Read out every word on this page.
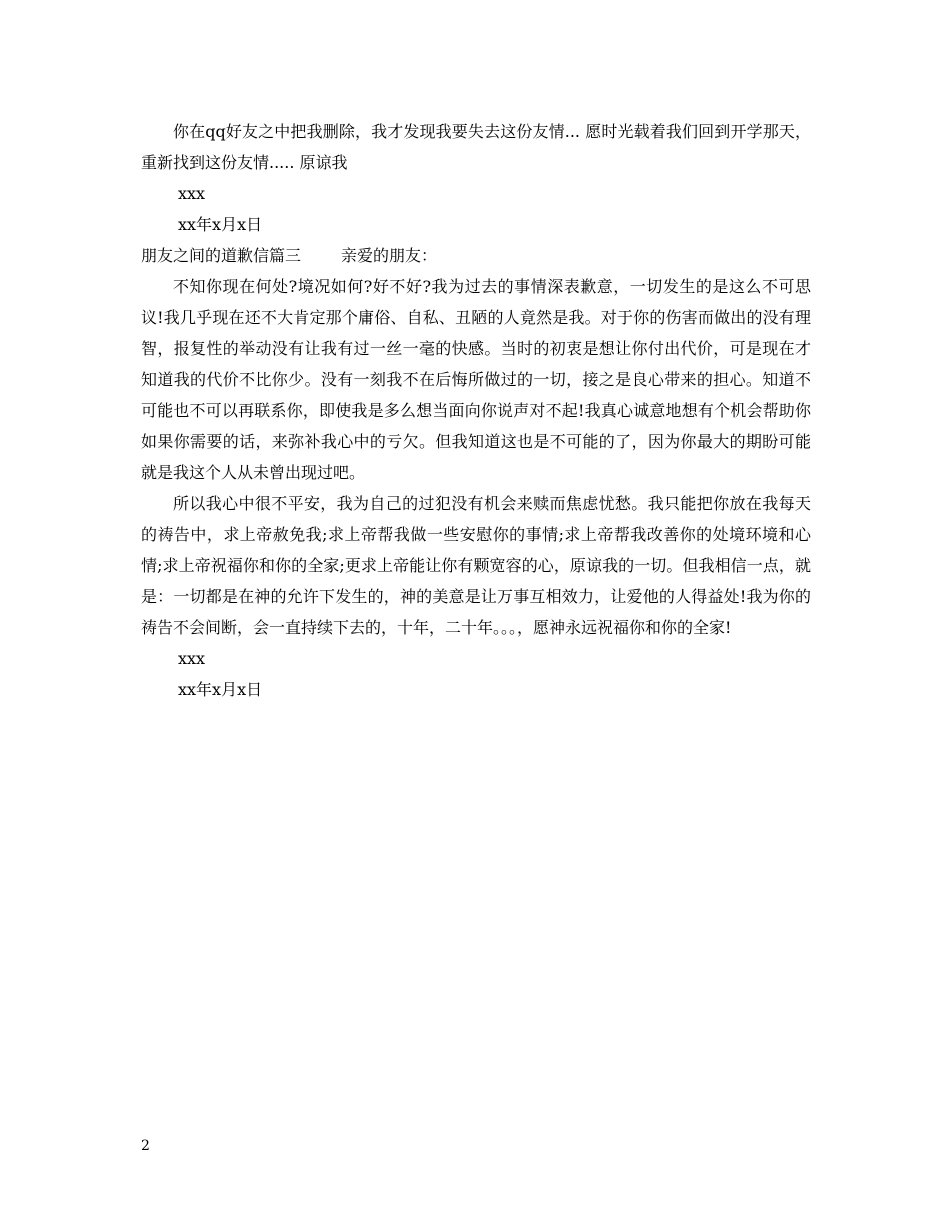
你在qq好友之中把我删除，我才发现我要失去这份友情... 愿时光载着我们回到开学那天，重新找到这份友情..... 原谅我

xxx

xx年x月x日

朋友之间的道歉信篇三	亲爱的朋友：

不知你现在何处?境况如何?好不好?我为过去的事情深表歉意，一切发生的是这么不可思议!我几乎现在还不大肯定那个庸俗、自私、丑陋的人竟然是我。对于你的伤害而做出的没有理智，报复性的举动没有让我有过一丝一毫的快感。当时的初衷是想让你付出代价，可是现在才知道我的代价不比你少。没有一刻我不在后悔所做过的一切，接之是良心带来的担心。知道不可能也不可以再联系你，即使我是多么想当面向你说声对不起!我真心诚意地想有个机会帮助你如果你需要的话，来弥补我心中的亏欠。但我知道这也是不可能的了，因为你最大的期盼可能就是我这个人从未曾出现过吧。

所以我心中很不平安，我为自己的过犯没有机会来赎而焦虑忧愁。我只能把你放在我每天的祷告中，求上帝赦免我;求上帝帮我做一些安慰你的事情;求上帝帮我改善你的处境环境和心情;求上帝祝福你和你的全家;更求上帝能让你有颗宽容的心，原谅我的一切。但我相信一点，就是：一切都是在神的允许下发生的，神的美意是让万事互相效力，让爱他的人得益处!我为你的祷告不会间断，会一直持续下去的，十年，二十年。。。，愿神永远祝福你和你的全家!

xxx

xx年x月x日

2
